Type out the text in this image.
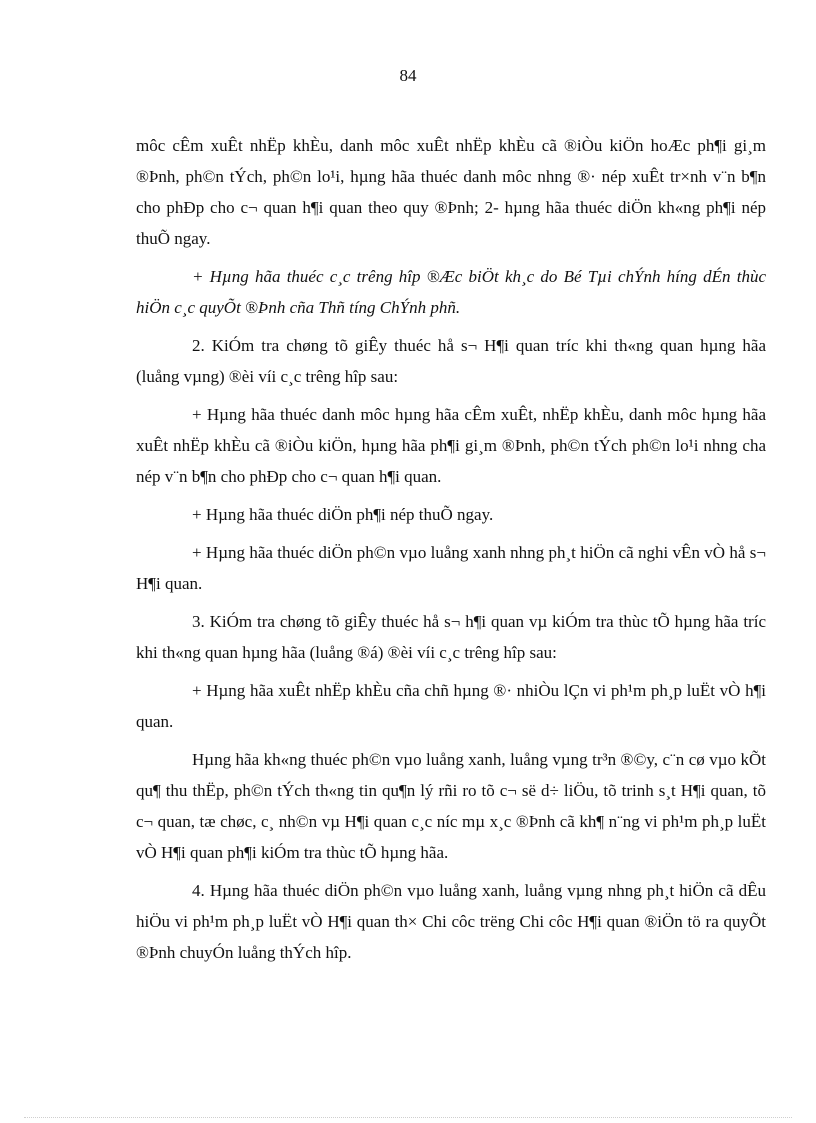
84

môc cÊm xuÊt nhËp khÈu, danh môc xuÊt nhËp khÈu cã ®iÒu kiÖn hoÆc ph¶i gi¸m ®Þnh, ph©n tÝch, ph©n lo¹i, hµng hãa thuéc danh môc nhng ®· nép xuÊt tr×nh v¨n b¶n cho phÐp cho c¬ quan h¶i quan theo quy ®Þnh; 2- hµng hãa thuéc diÖn kh«ng ph¶i nép thuÕ ngay.

+ Hµng hãa thuéc c¸c trêng hîp ®Æc biÖt kh¸c do Bé Tµi chÝnh híng dÉn thùc hiÖn c¸c quyÕt ®Þnh cña Thñ tíng ChÝnh phñ.

2. KiÓm tra chøng tõ giÊy thuéc hå s¬ H¶i quan tríc khi th«ng quan hµng hãa (luång vµng) ®èi víi c¸c trêng hîp sau:

+ Hµng hãa thuéc danh môc hµng hãa cÊm xuÊt, nhËp khÈu, danh môc hµng hãa xuÊt nhËp khÈu cã ®iÒu kiÖn, hµng hãa ph¶i gi¸m ®Þnh, ph©n tÝch ph©n lo¹i nhng cha nép v¨n b¶n cho phÐp cho c¬ quan h¶i quan.

+ Hµng hãa thuéc diÖn ph¶i nép thuÕ ngay.

+ Hµng hãa thuéc diÖn ph©n vµo luång xanh nhng ph¸t hiÖn cã nghi vÊn vÒ hå s¬ H¶i quan.

3. KiÓm tra chøng tõ giÊy thuéc hå s¬ h¶i quan vµ kiÓm tra thùc tÕ hµng hãa tríc khi th«ng quan hµng hãa (luång ®á) ®èi víi c¸c trêng hîp sau:

+ Hµng hãa xuÊt nhËp khÈu cña chñ hµng ®· nhiÒu lÇn vi ph¹m ph¸p luËt vÒ h¶i quan.

Hµng hãa kh«ng thuéc ph©n vµo luång xanh, luång vµng tr³n ®©y, c¨n cø vµo kÕt qu¶ thu thËp, ph©n tÝch th«ng tin qu¶n lý rñi ro tõ c¬ së d÷ liÖu, tõ trinh s¸t H¶i quan, tõ c¬ quan, tæ chøc, c¸ nh©n vµ H¶i quan c¸c níc mµ x¸c ®Þnh cã kh¶ n¨ng vi ph¹m ph¸p luËt vÒ H¶i quan ph¶i kiÓm tra thùc tÕ hµng hãa.

4. Hµng hãa thuéc diÖn ph©n vµo luång xanh, luång vµng nhng ph¸t hiÖn cã dÊu hiÖu vi ph¹m ph¸p luËt vÒ H¶i quan th× Chi côc trëng Chi côc H¶i quan ®iÖn tö ra quyÕt ®Þnh chuyÓn luång thÝch hîp.
